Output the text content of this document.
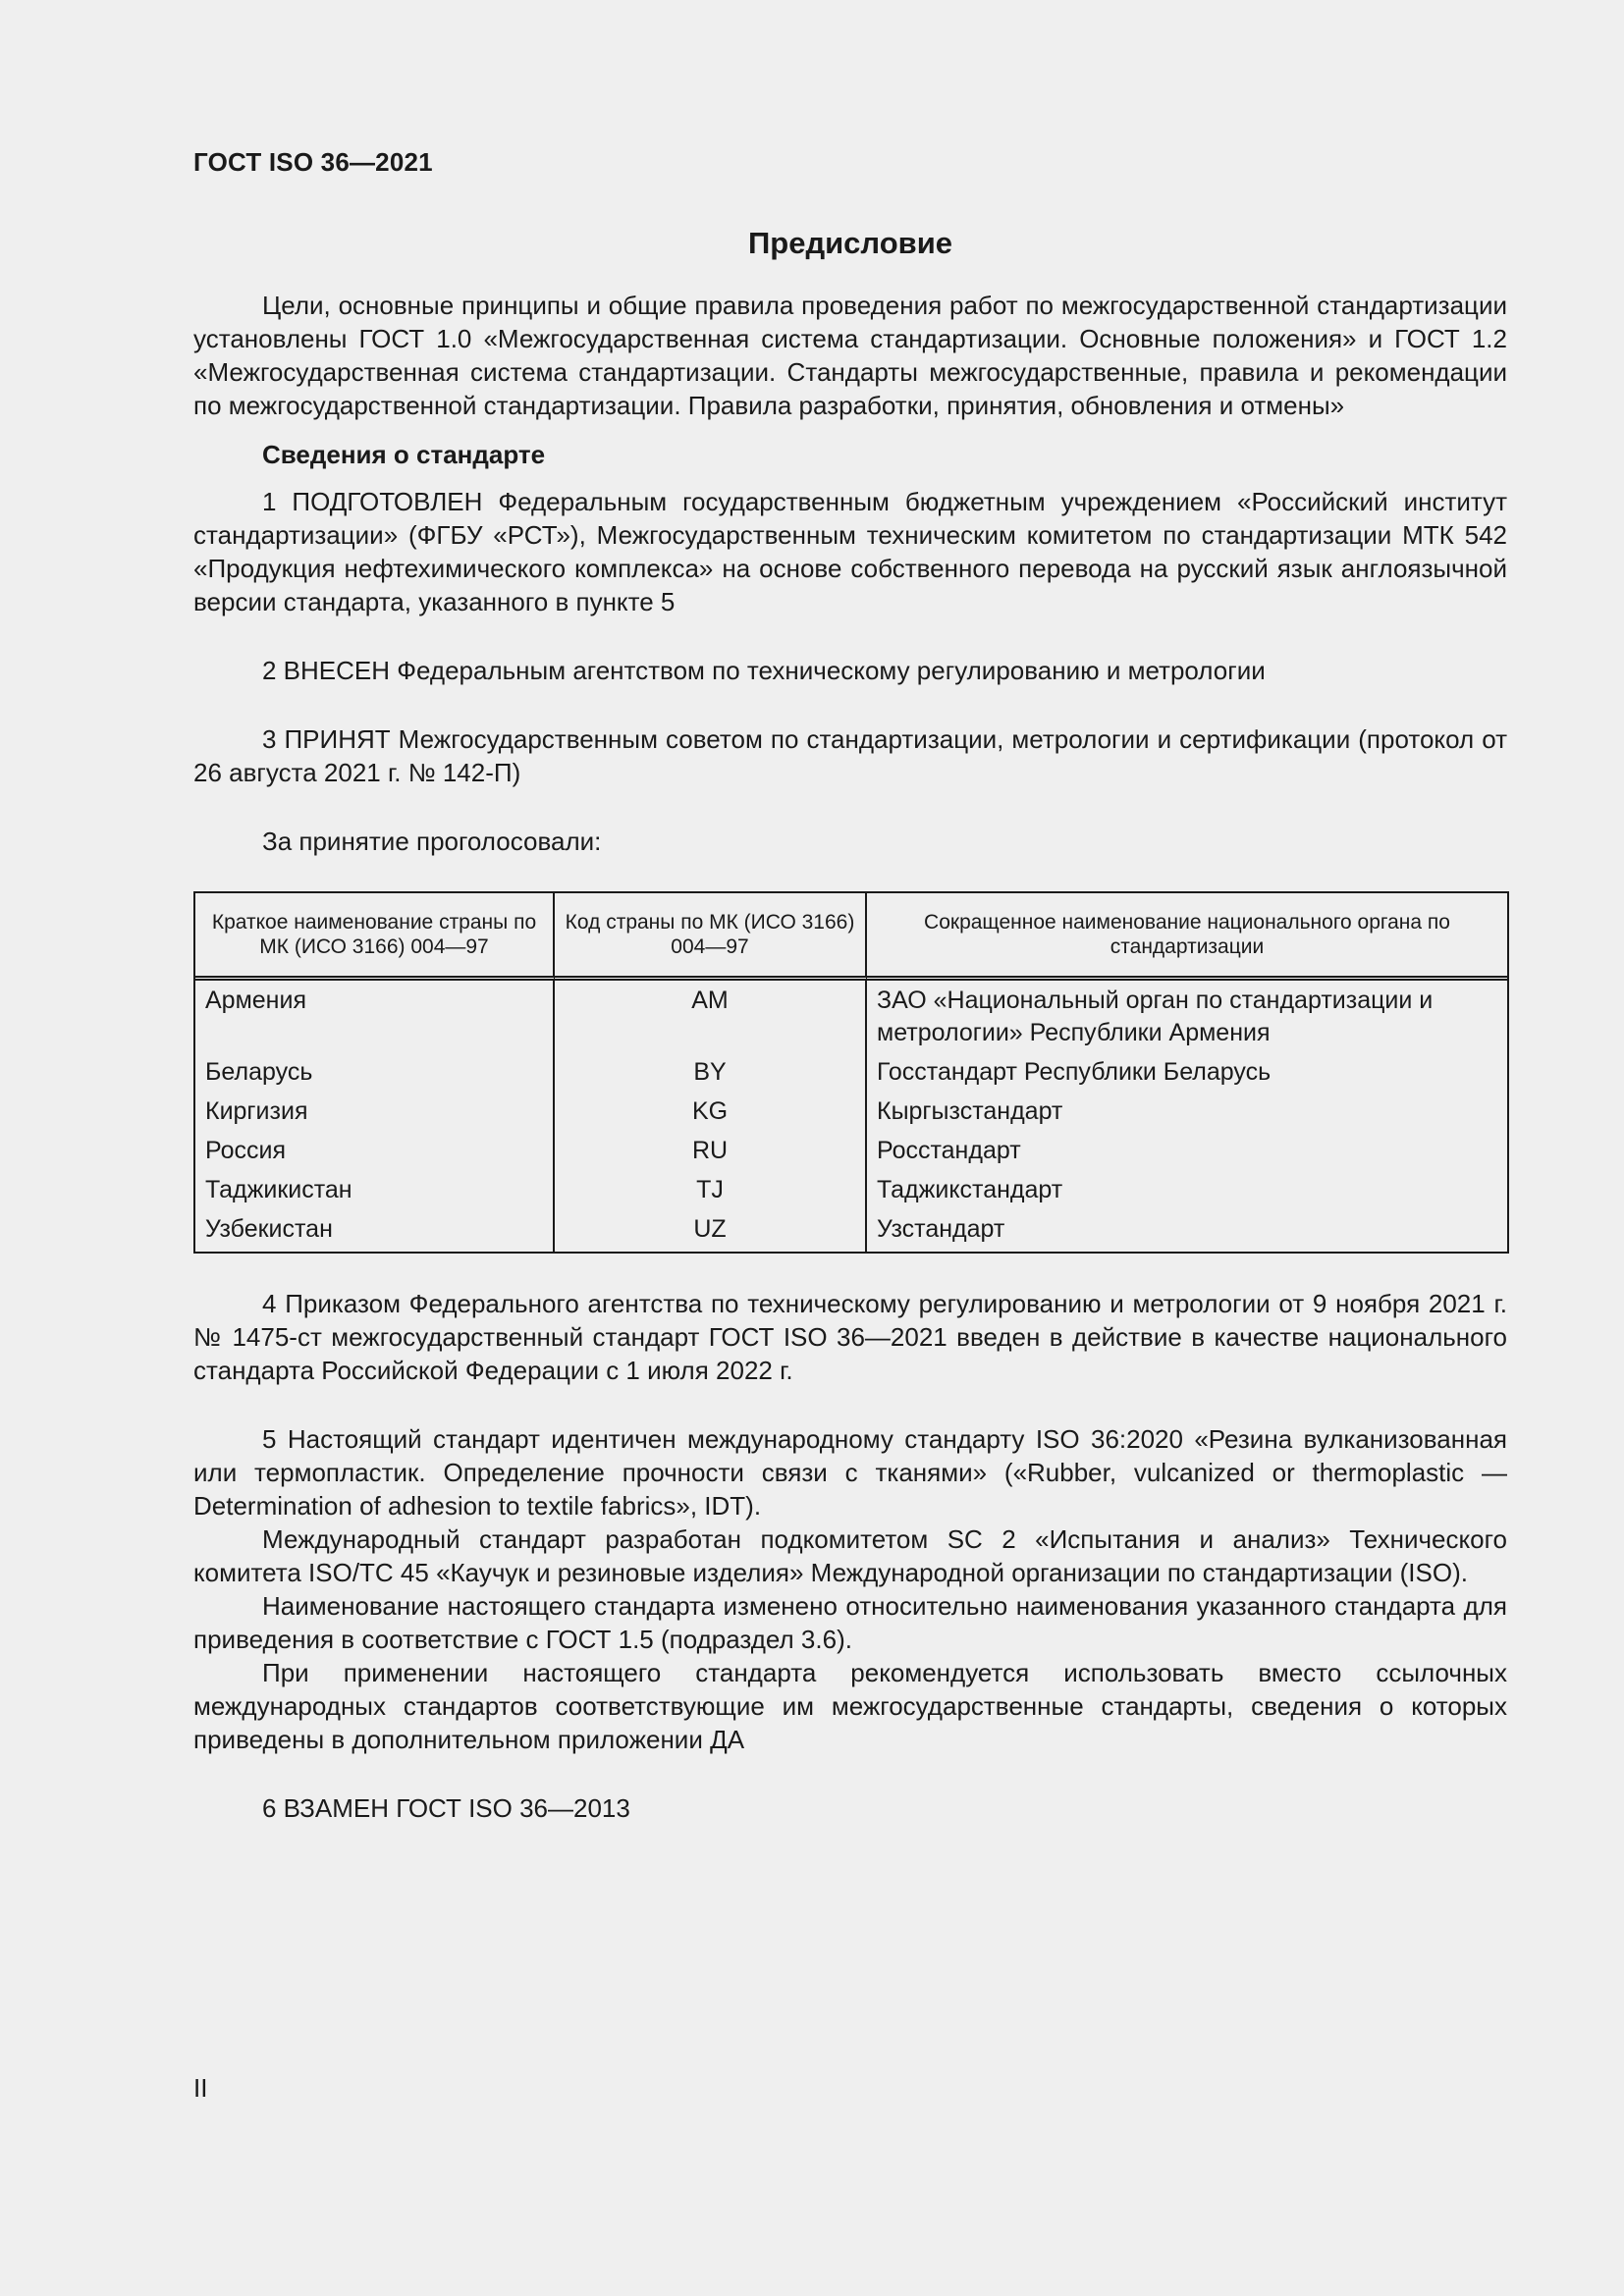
ГОСТ ISO 36—2021
Предисловие

Цели, основные принципы и общие правила проведения работ по межгосударственной стандартизации установлены ГОСТ 1.0 «Межгосударственная система стандартизации. Основные положения» и ГОСТ 1.2 «Межгосударственная система стандартизации. Стандарты межгосударственные, правила и рекомендации по межгосударственной стандартизации. Правила разработки, принятия, обновления и отмены»

Сведения о стандарте

1 ПОДГОТОВЛЕН Федеральным государственным бюджетным учреждением «Российский институт стандартизации» (ФГБУ «РСТ»), Межгосударственным техническим комитетом по стандартизации МТК 542 «Продукция нефтехимического комплекса» на основе собственного перевода на русский язык англоязычной версии стандарта, указанного в пункте 5

2 ВНЕСЕН Федеральным агентством по техническому регулированию и метрологии

3 ПРИНЯТ Межгосударственным советом по стандартизации, метрологии и сертификации (протокол от 26 августа 2021 г. № 142-П)

За принятие проголосовали:

Краткое наименование страны по МК (ИСО 3166) 004—97	Код страны по МК (ИСО 3166) 004—97	Сокращенное наименование национального органа по стандартизации
Армения	AM	ЗАО «Национальный орган по стандартизации и метрологии» Республики Армения
Беларусь	BY	Госстандарт Республики Беларусь
Киргизия	KG	Кыргызстандарт
Россия	RU	Росстандарт
Таджикистан	TJ	Таджикстандарт
Узбекистан	UZ	Узстандарт

4 Приказом Федерального агентства по техническому регулированию и метрологии от 9 ноября 2021 г. № 1475-ст межгосударственный стандарт ГОСТ ISO 36—2021 введен в действие в качестве национального стандарта Российской Федерации с 1 июля 2022 г.

5 Настоящий стандарт идентичен международному стандарту ISO 36:2020 «Резина вулканизованная или термопластик. Определение прочности связи с тканями» («Rubber, vulcanized or thermoplastic — Determination of adhesion to textile fabrics», IDT).

Международный стандарт разработан подкомитетом SC 2 «Испытания и анализ» Технического комитета ISO/TC 45 «Каучук и резиновые изделия» Международной организации по стандартизации (ISO).

Наименование настоящего стандарта изменено относительно наименования указанного стандарта для приведения в соответствие с ГОСТ 1.5 (подраздел 3.6).

При применении настоящего стандарта рекомендуется использовать вместо ссылочных международных стандартов соответствующие им межгосударственные стандарты, сведения о которых приведены в дополнительном приложении ДА

6 ВЗАМЕН ГОСТ ISO 36—2013

II
